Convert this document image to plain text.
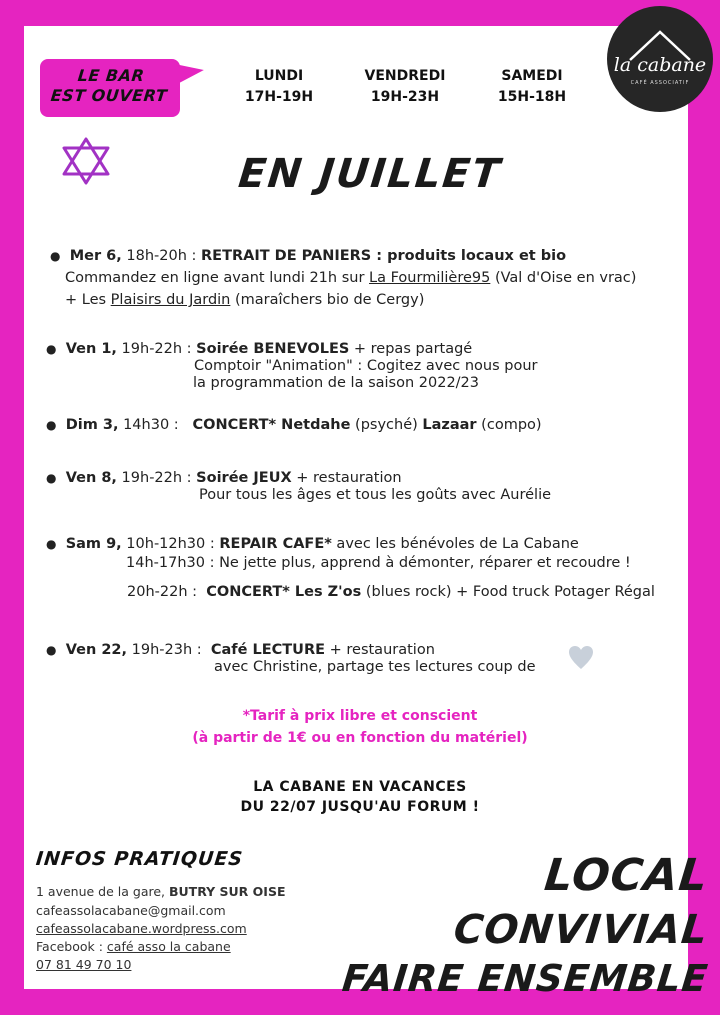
LE BAR
EST OUVERT
LUNDI
17H-19H
VENDREDI
19H-23H
SAMEDI
15H-18H
la cabane
CAFÉ ASSOCIATIF
EN JUILLET
● Mer 6, 18h-20h : RETRAIT DE PANIERS : produits locaux et bio
Commandez en ligne avant lundi 21h sur La Fourmilière95 (Val d'Oise en vrac)
+ Les Plaisirs du Jardin (maraîchers bio de Cergy)
● Ven 1, 19h-22h : Soirée BENEVOLES + repas partagé
Comptoir "Animation" : Cogitez avec nous pour
la programmation de la saison 2022/23
● Dim 3, 14h30 : CONCERT* Netdahe (psyché) Lazaar (compo)
● Ven 8, 19h-22h : Soirée JEUX + restauration
Pour tous les âges et tous les goûts avec Aurélie
● Sam 9, 10h-12h30 : REPAIR CAFE* avec les bénévoles de La Cabane
14h-17h30 : Ne jette plus, apprend à démonter, réparer et recoudre !
20h-22h : CONCERT* Les Z'os (blues rock) + Food truck Potager Régal
● Ven 22, 19h-23h : Café LECTURE + restauration
avec Christine, partage tes lectures coup de
*Tarif à prix libre et conscient
(à partir de 1€ ou en fonction du matériel)
LA CABANE EN VACANCES
DU 22/07 JUSQU'AU FORUM !
INFOS PRATIQUES
1 avenue de la gare, BUTRY SUR OISE
cafeassolacabane@gmail.com
cafeassolacabane.wordpress.com
Facebook : café asso la cabane
07 81 49 70 10
LOCAL
CONVIVIAL
FAIRE ENSEMBLE
